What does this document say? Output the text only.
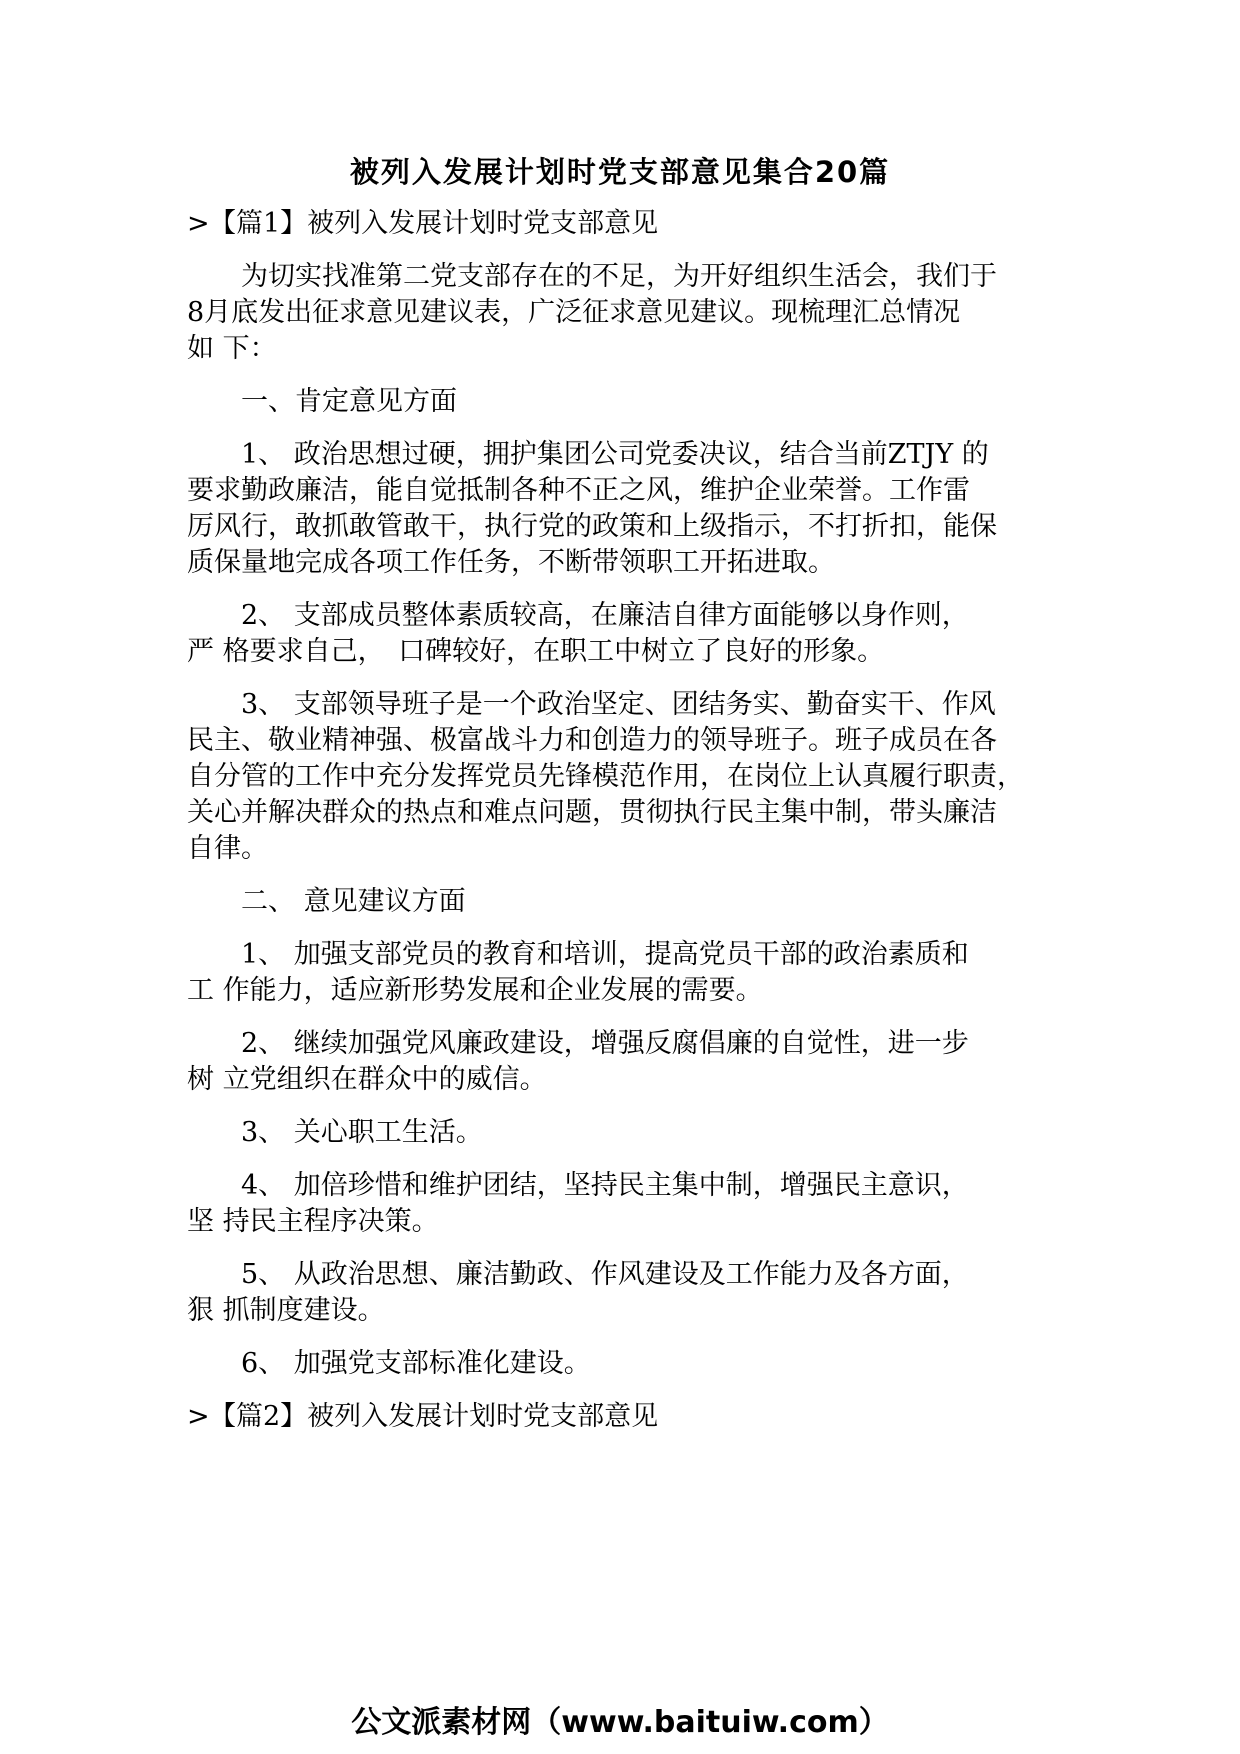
被列入发展计划时党支部意见集合20篇
>【篇1】被列入发展计划时党支部意见
　　为切实找准第二党支部存在的不足，为开好组织生活会，我们于
8月底发出征求意见建议表，广泛征求意见建议。现梳理汇总情况
如 下：
　　一、肯定意见方面
　　1、 政治思想过硬，拥护集团公司党委决议，结合当前ZTJY 的
要求勤政廉洁，能自觉抵制各种不正之风，维护企业荣誉。工作雷
厉风行，敢抓敢管敢干，执行党的政策和上级指示，不打折扣，能保
质保量地完成各项工作任务，不断带领职工开拓进取。
　　2、 支部成员整体素质较高，在廉洁自律方面能够以身作则，
严 格要求自己，　口碑较好，在职工中树立了良好的形象。
　　3、 支部领导班子是一个政治坚定、团结务实、勤奋实干、作风
民主、敬业精神强、极富战斗力和创造力的领导班子。班子成员在各
自分管的工作中充分发挥党员先锋模范作用，在岗位上认真履行职责，
关心并解决群众的热点和难点问题，贯彻执行民主集中制，带头廉洁
自律。
　　二、 意见建议方面
　　1、 加强支部党员的教育和培训，提高党员干部的政治素质和
工 作能力，适应新形势发展和企业发展的需要。
　　2、 继续加强党风廉政建设，增强反腐倡廉的自觉性，进一步
树 立党组织在群众中的威信。
　　3、 关心职工生活。
　　4、 加倍珍惜和维护团结，坚持民主集中制，增强民主意识，
坚 持民主程序决策。
　　5、 从政治思想、廉洁勤政、作风建设及工作能力及各方面，
狠 抓制度建设。
　　6、 加强党支部标准化建设。
>【篇2】被列入发展计划时党支部意见
公文派素材网（www.baituiw.com）
